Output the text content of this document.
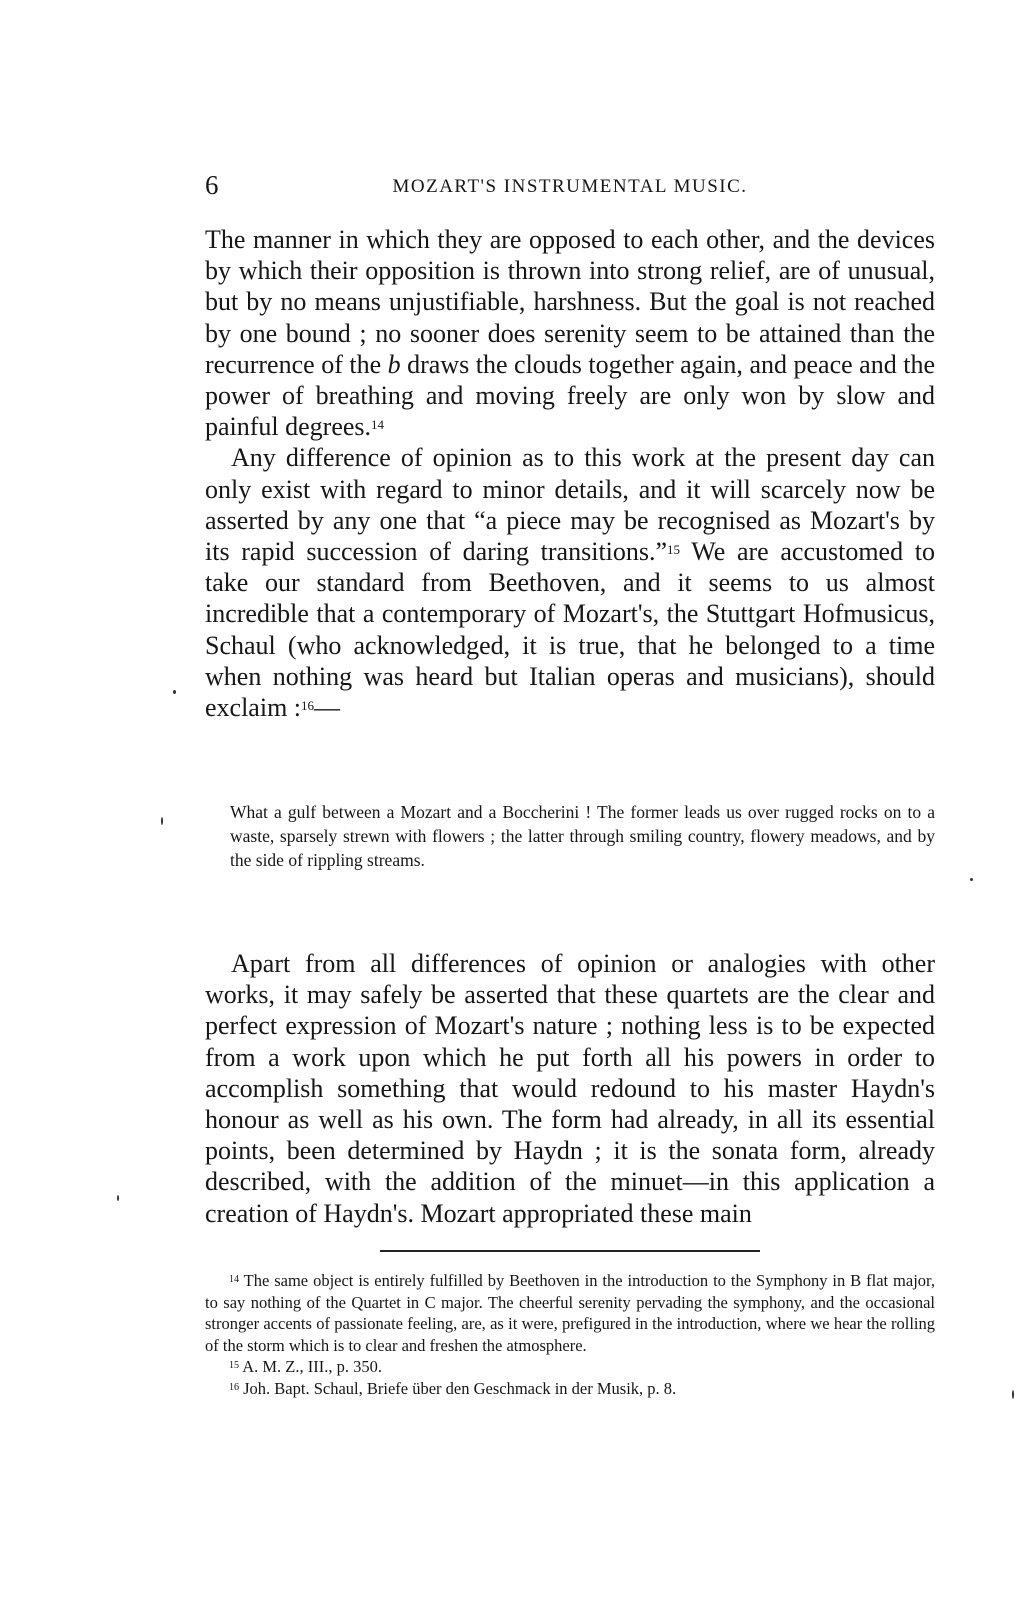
6	MOZART'S INSTRUMENTAL MUSIC.

The manner in which they are opposed to each other, and the devices by which their opposition is thrown into strong relief, are of unusual, but by no means unjustifiable, harshness. But the goal is not reached by one bound ; no sooner does serenity seem to be attained than the recurrence of the b draws the clouds together again, and peace and the power of breathing and moving freely are only won by slow and painful degrees.$^{14}$

Any difference of opinion as to this work at the present day can only exist with regard to minor details, and it will scarcely now be asserted by any one that “a piece may be recognised as Mozart's by its rapid succession of daring transitions.”$^{15}$ We are accustomed to take our standard from Beethoven, and it seems to us almost incredible that a contemporary of Mozart's, the Stuttgart Hofmusicus, Schaul (who acknowledged, it is true, that he belonged to a time when nothing was heard but Italian operas and musicians), should exclaim :$^{16}$—

What a gulf between a Mozart and a Boccherini ! The former leads us over rugged rocks on to a waste, sparsely strewn with flowers ; the latter through smiling country, flowery meadows, and by the side of rippling streams.

Apart from all differences of opinion or analogies with other works, it may safely be asserted that these quartets are the clear and perfect expression of Mozart's nature ; nothing less is to be expected from a work upon which he put forth all his powers in order to accomplish something that would redound to his master Haydn's honour as well as his own. The form had already, in all its essential points, been determined by Haydn ; it is the sonata form, already described, with the addition of the minuet—in this application a creation of Haydn's. Mozart appropriated these main

$^{14}$ The same object is entirely fulfilled by Beethoven in the introduction to the Symphony in B flat major, to say nothing of the Quartet in C major. The cheerful serenity pervading the symphony, and the occasional stronger accents of passionate feeling, are, as it were, prefigured in the introduction, where we hear the rolling of the storm which is to clear and freshen the atmosphere.

$^{15}$ A. M. Z., III., p. 350.

$^{16}$ Joh. Bapt. Schaul, Briefe über den Geschmack in der Musik, p. 8.
